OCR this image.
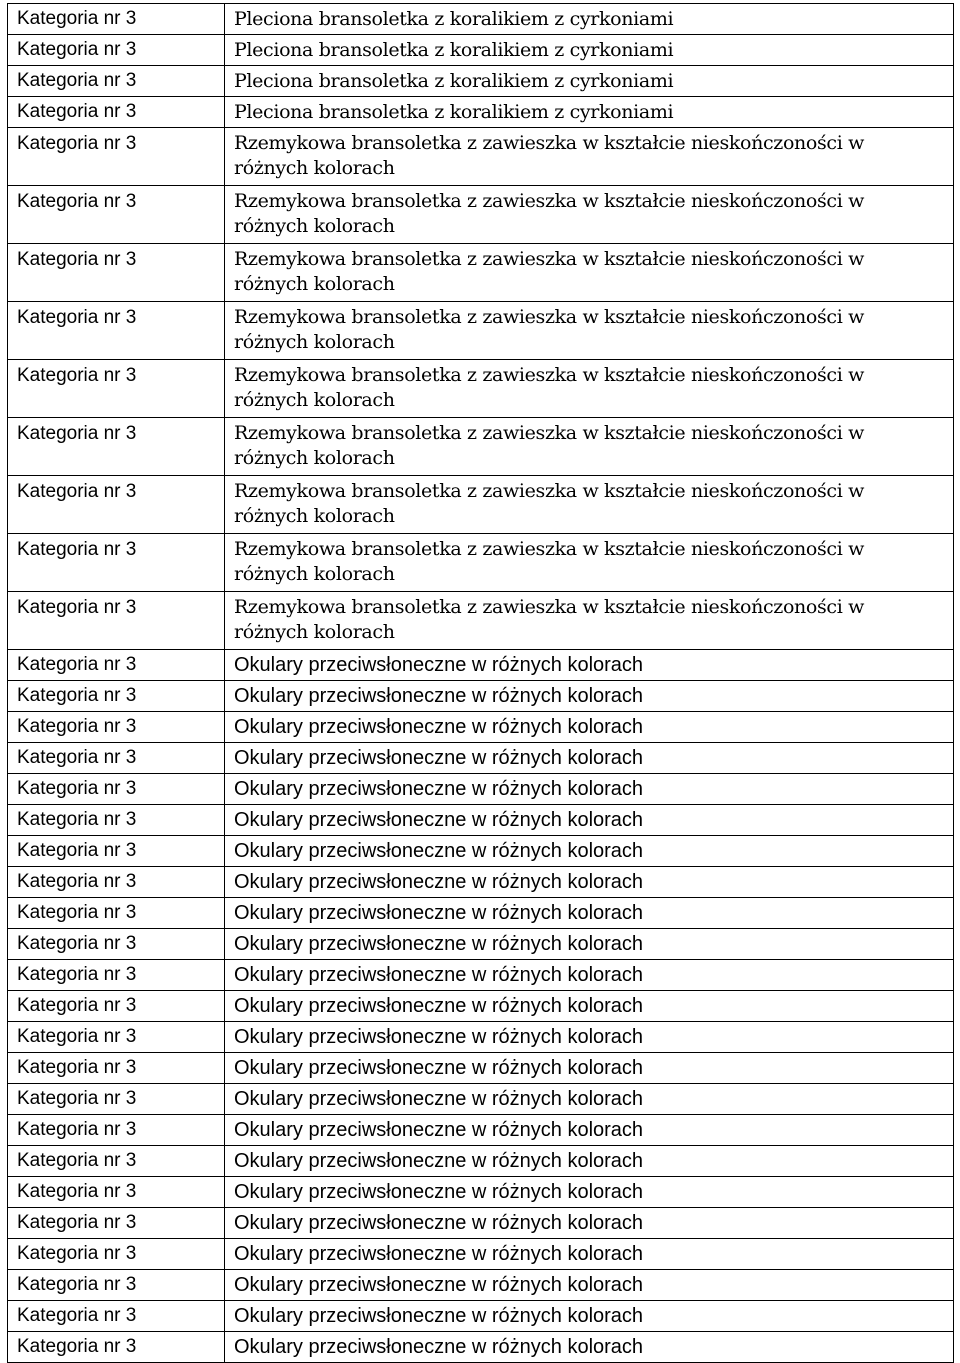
Kategoria nr 3	Pleciona bransoletka z koralikiem z cyrkoniami
Kategoria nr 3	Pleciona bransoletka z koralikiem z cyrkoniami
Kategoria nr 3	Pleciona bransoletka z koralikiem z cyrkoniami
Kategoria nr 3	Pleciona bransoletka z koralikiem z cyrkoniami
Kategoria nr 3	Rzemykowa bransoletka z zawieszka w kształcie nieskończoności w różnych kolorach
Kategoria nr 3	Rzemykowa bransoletka z zawieszka w kształcie nieskończoności w różnych kolorach
Kategoria nr 3	Rzemykowa bransoletka z zawieszka w kształcie nieskończoności w różnych kolorach
Kategoria nr 3	Rzemykowa bransoletka z zawieszka w kształcie nieskończoności w różnych kolorach
Kategoria nr 3	Rzemykowa bransoletka z zawieszka w kształcie nieskończoności w różnych kolorach
Kategoria nr 3	Rzemykowa bransoletka z zawieszka w kształcie nieskończoności w różnych kolorach
Kategoria nr 3	Rzemykowa bransoletka z zawieszka w kształcie nieskończoności w różnych kolorach
Kategoria nr 3	Rzemykowa bransoletka z zawieszka w kształcie nieskończoności w różnych kolorach
Kategoria nr 3	Rzemykowa bransoletka z zawieszka w kształcie nieskończoności w różnych kolorach
Kategoria nr 3	Okulary przeciwsłoneczne w różnych kolorach
Kategoria nr 3	Okulary przeciwsłoneczne w różnych kolorach
Kategoria nr 3	Okulary przeciwsłoneczne w różnych kolorach
Kategoria nr 3	Okulary przeciwsłoneczne w różnych kolorach
Kategoria nr 3	Okulary przeciwsłoneczne w różnych kolorach
Kategoria nr 3	Okulary przeciwsłoneczne w różnych kolorach
Kategoria nr 3	Okulary przeciwsłoneczne w różnych kolorach
Kategoria nr 3	Okulary przeciwsłoneczne w różnych kolorach
Kategoria nr 3	Okulary przeciwsłoneczne w różnych kolorach
Kategoria nr 3	Okulary przeciwsłoneczne w różnych kolorach
Kategoria nr 3	Okulary przeciwsłoneczne w różnych kolorach
Kategoria nr 3	Okulary przeciwsłoneczne w różnych kolorach
Kategoria nr 3	Okulary przeciwsłoneczne w różnych kolorach
Kategoria nr 3	Okulary przeciwsłoneczne w różnych kolorach
Kategoria nr 3	Okulary przeciwsłoneczne w różnych kolorach
Kategoria nr 3	Okulary przeciwsłoneczne w różnych kolorach
Kategoria nr 3	Okulary przeciwsłoneczne w różnych kolorach
Kategoria nr 3	Okulary przeciwsłoneczne w różnych kolorach
Kategoria nr 3	Okulary przeciwsłoneczne w różnych kolorach
Kategoria nr 3	Okulary przeciwsłoneczne w różnych kolorach
Kategoria nr 3	Okulary przeciwsłoneczne w różnych kolorach
Kategoria nr 3	Okulary przeciwsłoneczne w różnych kolorach
Kategoria nr 3	Okulary przeciwsłoneczne w różnych kolorach
